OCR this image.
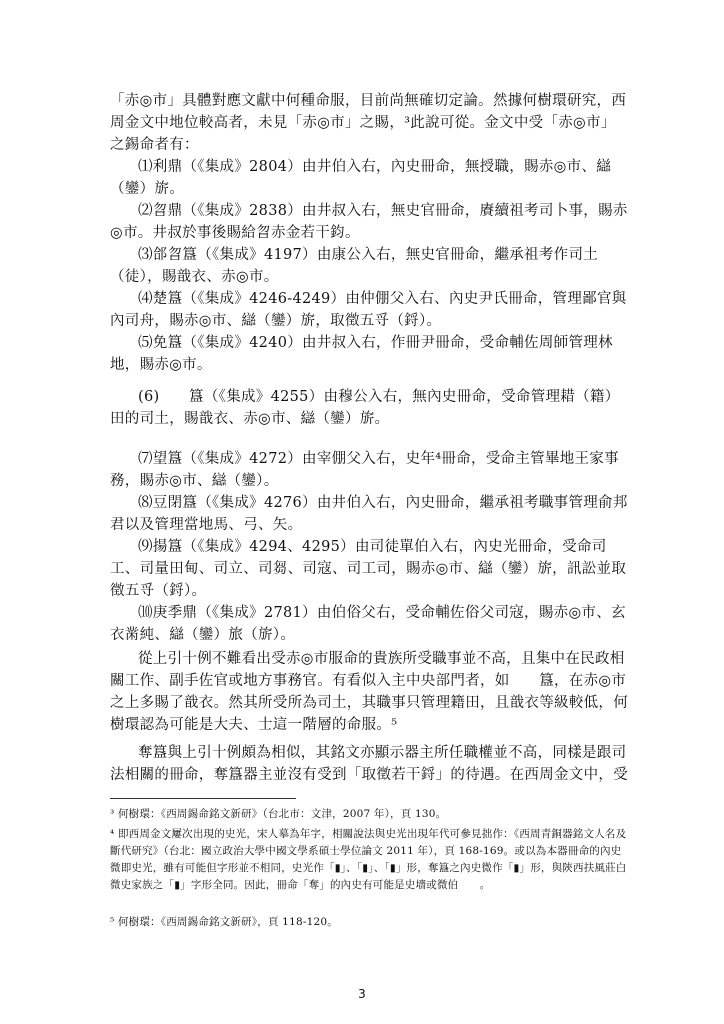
「赤◎市」具體對應文獻中何種命服，目前尚無確切定論。然據何樹環研究，西周金文中地位較高者，未見「赤◎市」之賜，³此說可從。金文中受「赤◎市」之錫命者有：
⑴利鼎（《集成》2804）由井伯入右，內史冊命，無授職，賜赤◎市、䜌（鑾）旂。
⑵曶鼎（《集成》2838）由井叔入右，無史官冊命，賡續祖考司卜事，賜赤◎市。井叔於事後賜給曶赤金若干鈞。
⑶郃曶簋（《集成》4197）由康公入右，無史官冊命，繼承祖考作司土（徒），賜戠衣、赤◎市。
⑷楚簋（《集成》4246-4249）由仲倗父入右、內史尹氏冊命，管理鄙官與內司舟，賜赤◎市、䜌（鑾）旂，取徵五寽（鋝）。
⑸免簋（《集成》4240）由井叔入右，作冊尹冊命，受命輔佐周師管理林地，賜赤◎市。
(6)　　簋（《集成》4255）由穆公入右，無內史冊命，受命管理耤（籍）田的司土，賜戠衣、赤◎市、䜌（鑾）旂。
⑺望簋（《集成》4272）由宰倗父入右，史年⁴冊命，受命主管畢地王家事務，賜赤◎市、䜌（鑾）。
⑻豆閉簋（《集成》4276）由井伯入右，內史冊命，繼承祖考職事管理俞邦君以及管理當地馬、弓、矢。
⑼揚簋（《集成》4294、4295）由司徒單伯入右，內史光冊命，受命司工、司量田甸、司立、司芻、司寇、司工司，賜赤◎市、䜌（鑾）旂，訊訟並取徵五寽（鋝）。
⑽庚季鼎（《集成》2781）由伯俗父右，受命輔佐俗父司寇，賜赤◎市、玄衣黹純、䜌（鑾）旅（旂）。
從上引十例不難看出受赤◎市服命的貴族所受職事並不高，且集中在民政相關工作、副手佐官或地方事務官。有看似入主中央部門者，如　　簋，在赤◎市之上多賜了戠衣。然其所受所為司土，其職事只管理籍田，且戠衣等級較低，何樹環認為可能是大夫、士這一階層的命服。⁵
奪簋與上引十例頗為相似，其銘文亦顯示器主所任職權並不高，同樣是跟司法相關的冊命，奪簋器主並沒有受到「取徵若干鋝」的待遇。在西周金文中，受
³ 何樹環：《西周錫命銘文新研》（台北市：文津，2007 年），頁 130。
⁴ 即西周金文屢次出現的史光，宋人摹為年字，相關說法與史光出現年代可參見拙作：《西周青銅器銘文人名及斷代研究》（台北：國立政治大學中國文學系碩士學位論文 2011 年），頁 168-169。或以為本器冊命的內史微即史光，雖有可能但字形並不相同，史光作「▮」、「▮」、「▮」形，奪簋之內史微作「▮」形，與陝西扶風莊白微史家族之「▮」字形全同。因此，冊命「奪」的內史有可能是史墻或微伯　　。
⁵ 何樹環：《西周錫命銘文新研》，頁 118-120。
3
